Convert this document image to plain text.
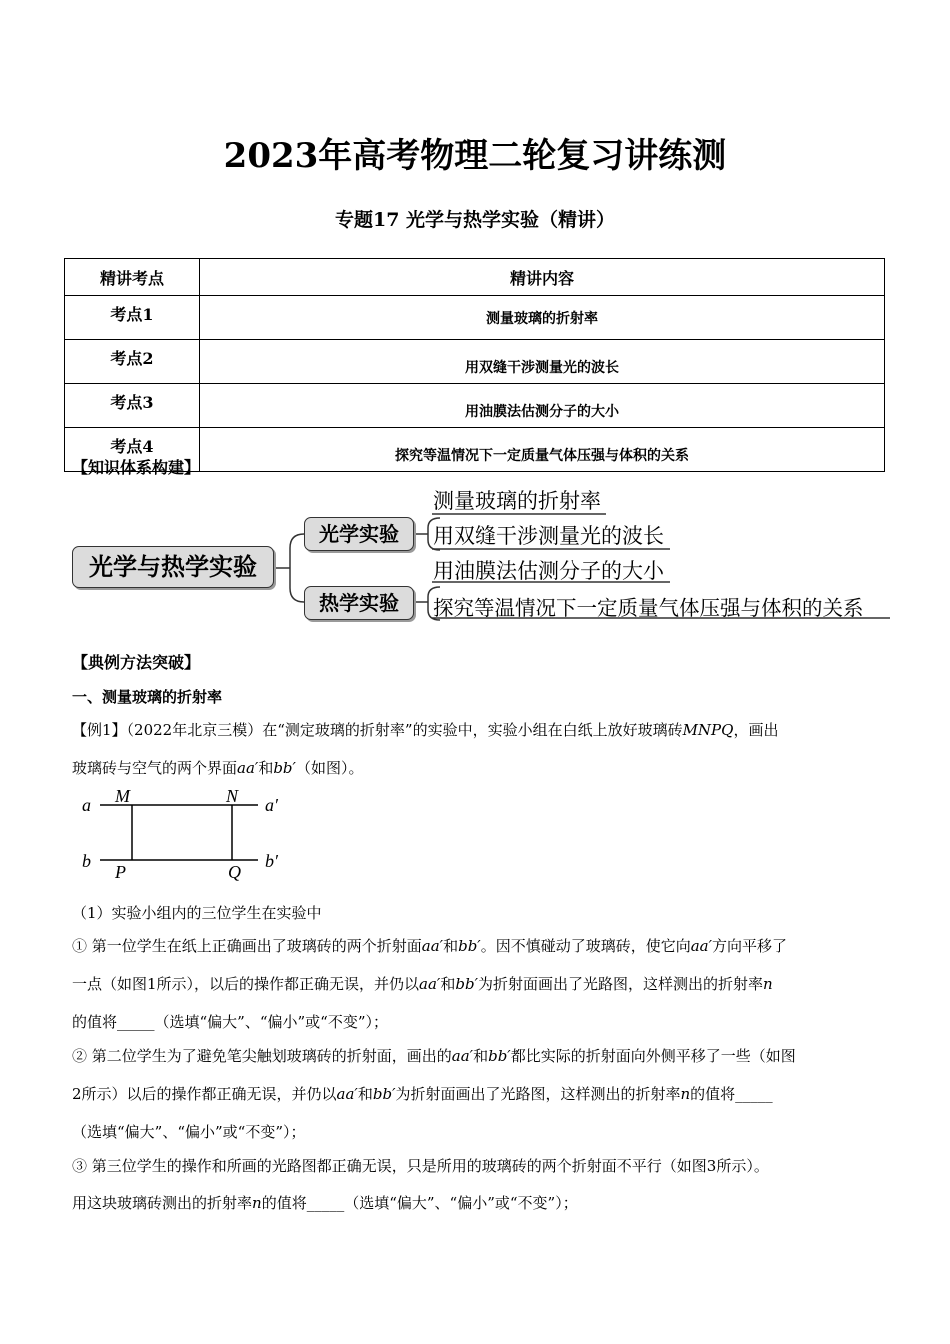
2023年高考物理二轮复习讲练测
专题17 光学与热学实验（精讲）
精讲考点	精讲内容
考点1	测量玻璃的折射率
考点2	用双缝干涉测量光的波长
考点3	用油膜法估测分子的大小
考点4	探究等温情况下一定质量气体压强与体积的关系
【知识体系构建】
光学与热学实验
光学实验
热学实验
测量玻璃的折射率
用双缝干涉测量光的波长
用油膜法估测分子的大小
探究等温情况下一定质量气体压强与体积的关系
【典例方法突破】
一、测量玻璃的折射率
【例1】（2022年北京三模）在“测定玻璃的折射率”的实验中，实验小组在白纸上放好玻璃砖MNPQ，画出
玻璃砖与空气的两个界面aa′和bb′（如图）。
a M	N a′
b
P	Q
b′
（1）实验小组内的三位学生在实验中
① 第一位学生在纸上正确画出了玻璃砖的两个折射面aa′和bb′。因不慎碰动了玻璃砖，使它向aa′方向平移了
一点（如图1所示），以后的操作都正确无误，并仍以aa′和bb′为折射面画出了光路图，这样测出的折射率n
的值将_____（选填“偏大”、“偏小”或“不变”）；
② 第二位学生为了避免笔尖触划玻璃砖的折射面，画出的aa′和bb′都比实际的折射面向外侧平移了一些（如图
2所示）以后的操作都正确无误，并仍以aa′和bb′为折射面画出了光路图，这样测出的折射率n的值将_____
（选填“偏大”、“偏小”或“不变”）；
③ 第三位学生的操作和所画的光路图都正确无误，只是所用的玻璃砖的两个折射面不平行（如图3所示）。
用这块玻璃砖测出的折射率n的值将_____（选填“偏大”、“偏小”或“不变”）；
